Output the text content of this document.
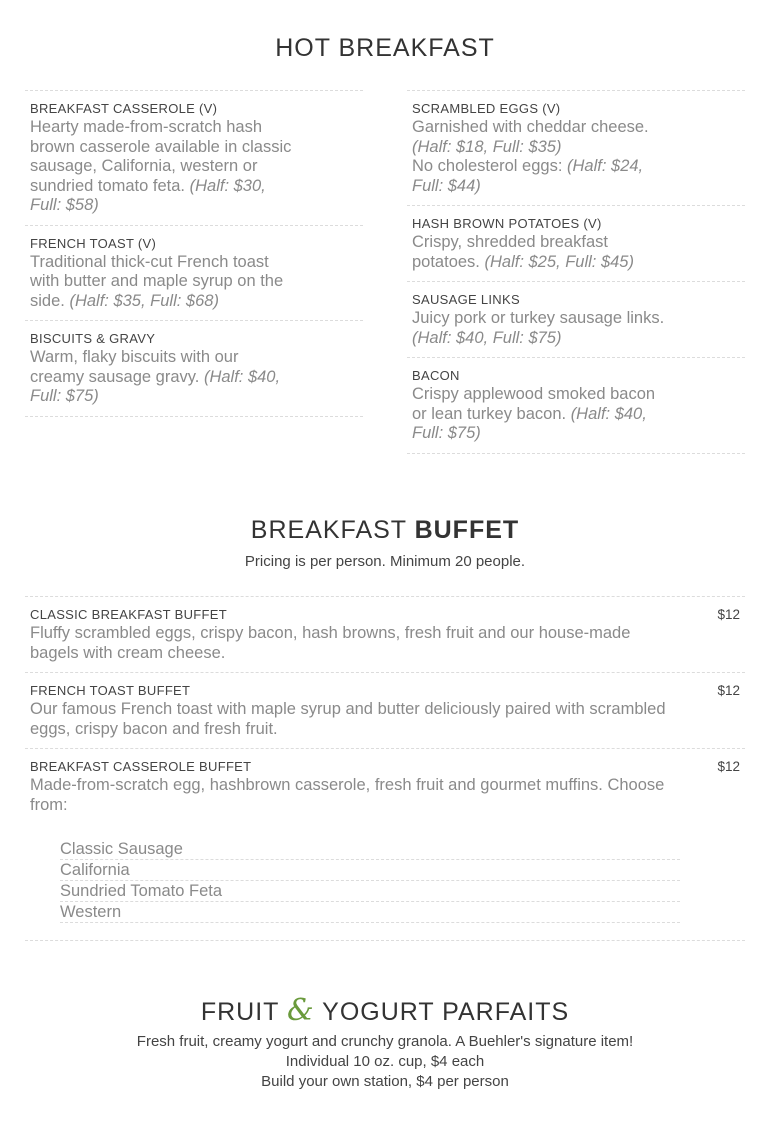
HOT BREAKFAST
BREAKFAST CASSEROLE (V)
Hearty made-from-scratch hash brown casserole available in classic sausage, California, western or sundried tomato feta. (Half: $30, Full: $58)
FRENCH TOAST (V)
Traditional thick-cut French toast with butter and maple syrup on the side. (Half: $35, Full: $68)
BISCUITS & GRAVY
Warm, flaky biscuits with our creamy sausage gravy. (Half: $40, Full: $75)
SCRAMBLED EGGS (V)
Garnished with cheddar cheese. (Half: $18, Full: $35)
No cholesterol eggs: (Half: $24, Full: $44)
HASH BROWN POTATOES (V)
Crispy, shredded breakfast potatoes. (Half: $25, Full: $45)
SAUSAGE LINKS
Juicy pork or turkey sausage links. (Half: $40, Full: $75)
BACON
Crispy applewood smoked bacon or lean turkey bacon. (Half: $40, Full: $75)
BREAKFAST BUFFET

Pricing is per person. Minimum 20 people.

CLASSIC BREAKFAST BUFFET	$12
Fluffy scrambled eggs, crispy bacon, hash browns, fresh fruit and our house-made bagels with cream cheese.
FRENCH TOAST BUFFET	$12
Our famous French toast with maple syrup and butter deliciously paired with scrambled eggs, crispy bacon and fresh fruit.
BREAKFAST CASSEROLE BUFFET	$12
Made-from-scratch egg, hashbrown casserole, fresh fruit and gourmet muffins. Choose from:
Classic Sausage
California
Sundried Tomato Feta
Western
FRUIT & YOGURT PARFAITS

Fresh fruit, creamy yogurt and crunchy granola. A Buehler's signature item!

Individual 10 oz. cup, $4 each

Build your own station, $4 per person
